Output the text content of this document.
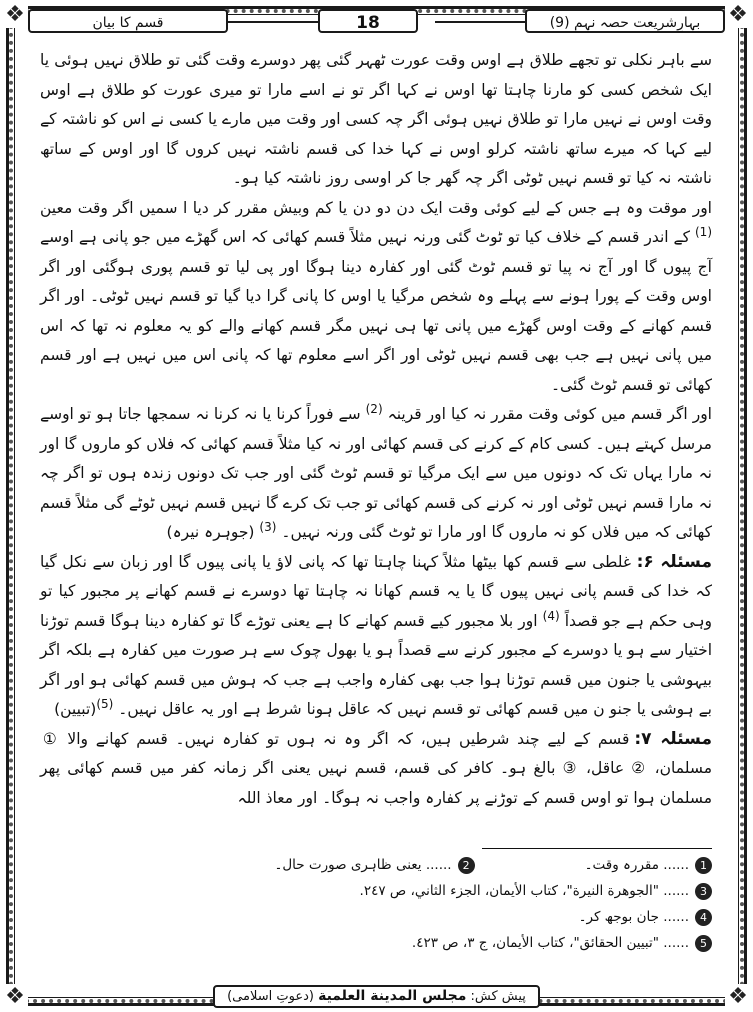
❖	❖
❖	❖
بہارِشریعت حصہ نہم (9)
18
قسم کا بیان

سے باہر نکلی تو تجھے طلاق ہے اوس وقت عورت ٹھہر گئی پھر دوسرے وقت گئی تو طلاق نہیں ہوئی یا ایک شخص کسی کو مارنا چاہتا تھا اوس نے کہا اگر تو نے اسے مارا تو میری عورت کو طلاق ہے اوس وقت اوس نے نہیں مارا تو طلاق نہیں ہوئی اگر چہ کسی اور وقت میں مارے یا کسی نے اس کو ناشتہ کے لیے کہا کہ میرے ساتھ ناشتہ کرلو اوس نے کہا خدا کی قسم ناشتہ نہیں کروں گا اور اوس کے ساتھ ناشتہ نہ کیا تو قسم نہیں ٹوٹی اگر چہ گھر جا کر اوسی روز ناشتہ کیا ہو۔

اور موقت وہ ہے جس کے لیے کوئی وقت ایک دن دو دن یا کم وبیش مقرر کر دیا ا سمیں اگر وقت معین $^{(1)}$ کے اندر قسم کے خلاف کیا تو ٹوٹ گئی ورنہ نہیں مثلاً قسم کھائی کہ اس گھڑے میں جو پانی ہے اوسے آج پیوں گا اور آج نہ پیا تو قسم ٹوٹ گئی اور کفارہ دینا ہوگا اور پی لیا تو قسم پوری ہوگئی اور اگر اوس وقت کے پورا ہونے سے پہلے وہ شخص مرگیا یا اوس کا پانی گرا دیا گیا تو قسم نہیں ٹوٹی۔ اور اگر قسم کھانے کے وقت اوس گھڑے میں پانی تھا ہی نہیں مگر قسم کھانے والے کو یہ معلوم نہ تھا کہ اس میں پانی نہیں ہے جب بھی قسم نہیں ٹوٹی اور اگر اسے معلوم تھا کہ پانی اس میں نہیں ہے اور قسم کھائی تو قسم ٹوٹ گئی۔

اور اگر قسم میں کوئی وقت مقرر نہ کیا اور قرینہ $^{(2)}$ سے فوراً کرنا یا نہ کرنا نہ سمجھا جاتا ہو تو اوسے مرسل کہتے ہیں۔ کسی کام کے کرنے کی قسم کھائی اور نہ کیا مثلاً قسم کھائی کہ فلاں کو ماروں گا اور نہ مارا یہاں تک کہ دونوں میں سے ایک مرگیا تو قسم ٹوٹ گئی اور جب تک دونوں زندہ ہوں تو اگر چہ نہ مارا قسم نہیں ٹوٹی اور نہ کرنے کی قسم کھائی تو جب تک کرے گا نہیں قسم نہیں ٹوٹے گی مثلاً قسم کھائی کہ میں فلاں کو نہ ماروں گا اور مارا تو ٹوٹ گئی ورنہ نہیں۔ $^{(3)}$ (جوہرہ نیرہ)

مسئلہ ۶: غلطی سے قسم کھا بیٹھا مثلاً کہنا چاہتا تھا کہ پانی لاؤ یا پانی پیوں گا اور زبان سے نکل گیا کہ خدا کی قسم پانی نہیں پیوں گا یا یہ قسم کھانا نہ چاہتا تھا دوسرے نے قسم کھانے پر مجبور کیا تو وہی حکم ہے جو قصداً $^{(4)}$ اور بلا مجبور کیے قسم کھانے کا ہے یعنی توڑے گا تو کفارہ دینا ہوگا قسم توڑنا اختیار سے ہو یا دوسرے کے مجبور کرنے سے قصداً ہو یا بھول چوک سے ہر صورت میں کفارہ ہے بلکہ اگر بیہوشی یا جنون میں قسم توڑنا ہوا جب بھی کفارہ واجب ہے جب کہ ہوش میں قسم کھائی ہو اور اگر بے ہوشی یا جنو ن میں قسم کھائی تو قسم نہیں کہ عاقل ہونا شرط ہے اور یہ عاقل نہیں۔ $^{(5)}$(تبیین)

مسئلہ ۷: قسم کے لیے چند شرطیں ہیں، کہ اگر وہ نہ ہوں تو کفارہ نہیں۔ قسم کھانے والا ① مسلمان، ② عاقل، ③ بالغ ہو۔ کافر کی قسم، قسم نہیں یعنی اگر زمانہ کفر میں قسم کھائی پھر مسلمان ہوا تو اوس قسم کے توڑنے پر کفارہ واجب نہ ہوگا۔ اور معاذ اللہ

1
...... مقررہ وقت۔
2
...... یعنی ظاہری صورت حال۔
3
...... "الجوهرة النيرة"، كتاب الأيمان، الجزء الثاني، ص ٢٤٧.
4
...... جان بوجھ کر۔
5
...... "تبيين الحقائق"، كتاب الأيمان، ج ٣، ص ٤٢٣.
پیش کش: مجلس المدینة العلمیة (دعوتِ اسلامی)
